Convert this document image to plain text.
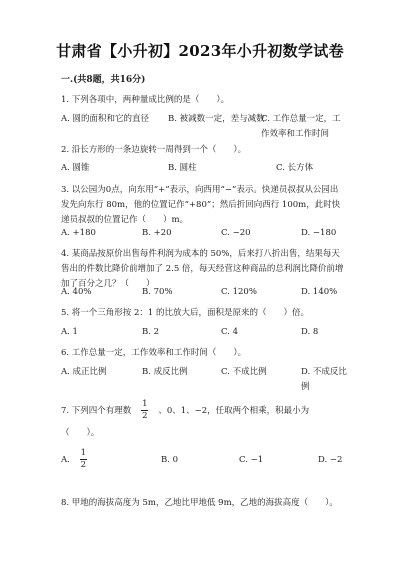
甘肃省【小升初】2023年小升初数学试卷
一.(共8题，共16分)
1. 下列各项中，两种量成比例的是（　　）。
A. 圆的面积和它的直径 B. 被减数一定，差与减数
C. 工作总量一定，工作效率和工作时间
2. 沿长方形的一条边旋转一周得到一个（　　）。
A. 圆锥	B. 圆柱	C. 长方体
3. 以公园为0点，向东用“+”表示，向西用“−”表示。快递员叔叔从公园出发先向东行 80m，他的位置记作“+80”；然后折回向西行 100m，此时快递员叔叔的位置记作（　　）m。
A. +180	B. +20	C. −20	D. −180
4. 某商品按原价出售每件利润为成本的 50%，后来打八折出售，结果每天售出的件数比降价前增加了 2.5 倍，每天经营这种商品的总利润比降价前增加了百分之几？（　　）
A. 40%	B. 70%	C. 120%	D. 140%
5. 将一个三角形按 2：1 的比放大后，面积是原来的（　　）倍。
A. 1	B. 2	C. 4	D. 8
6. 工作总量一定，工作效率和工作时间（　　）。
A. 成正比例	B. 成反比例	C. 不成比例	D. 不成反比例
7. 下列四个有理数 $\frac{1}{2}$ 、0、1、−2，任取两个相乘，积最小为（　　）。
A. $\frac{1}{2}$	B. 0	C. −1	D. −2
8. 甲地的海拔高度为 5m，乙地比甲地低 9m，乙地的海拔高度（　　）。
